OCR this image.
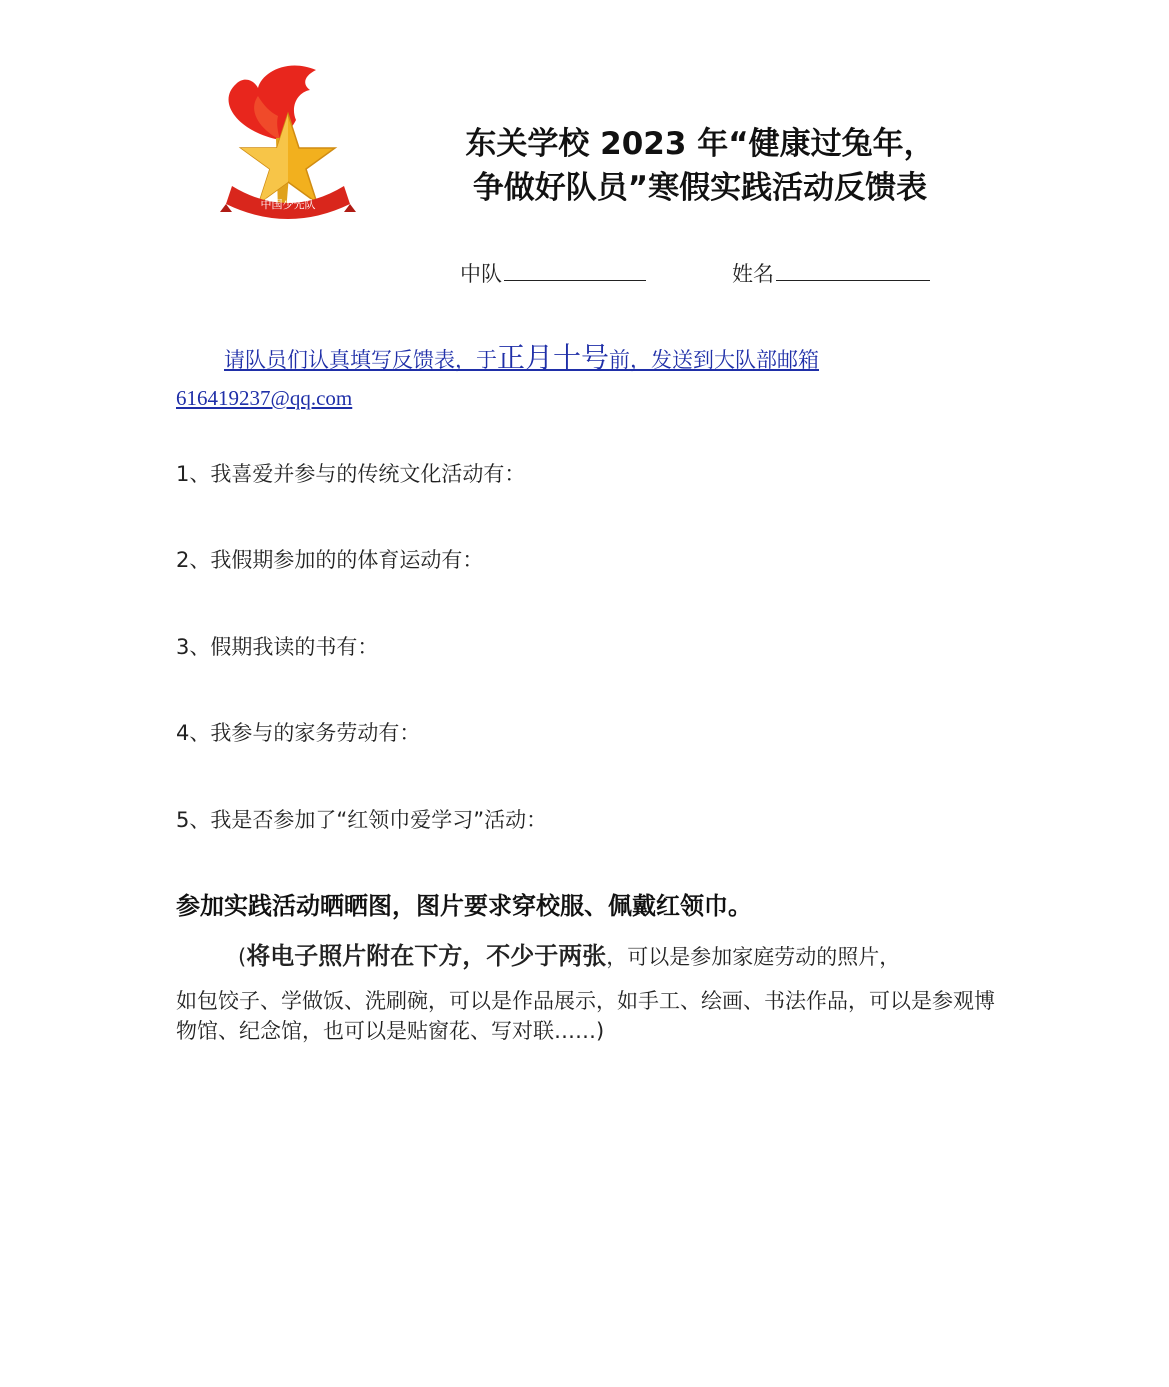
中国少先队
东关学校 2023 年“健康过兔年，
争做好队员”寒假实践活动反馈表
中队	姓名
请队员们认真填写反馈表，于正月十号前，发送到大队部邮箱
616419237@qq.com
1、我喜爱并参与的传统文化活动有：
2、我假期参加的的体育运动有：
3、假期我读的书有：
4、我参与的家务劳动有：
5、我是否参加了“红领巾爱学习”活动：
参加实践活动晒晒图，图片要求穿校服、佩戴红领巾。
(将电子照片附在下方，不少于两张，可以是参加家庭劳动的照片，
如包饺子、学做饭、洗刷碗，可以是作品展示，如手工、绘画、书法作品，可以是参观博物馆、纪念馆，也可以是贴窗花、写对联……)
